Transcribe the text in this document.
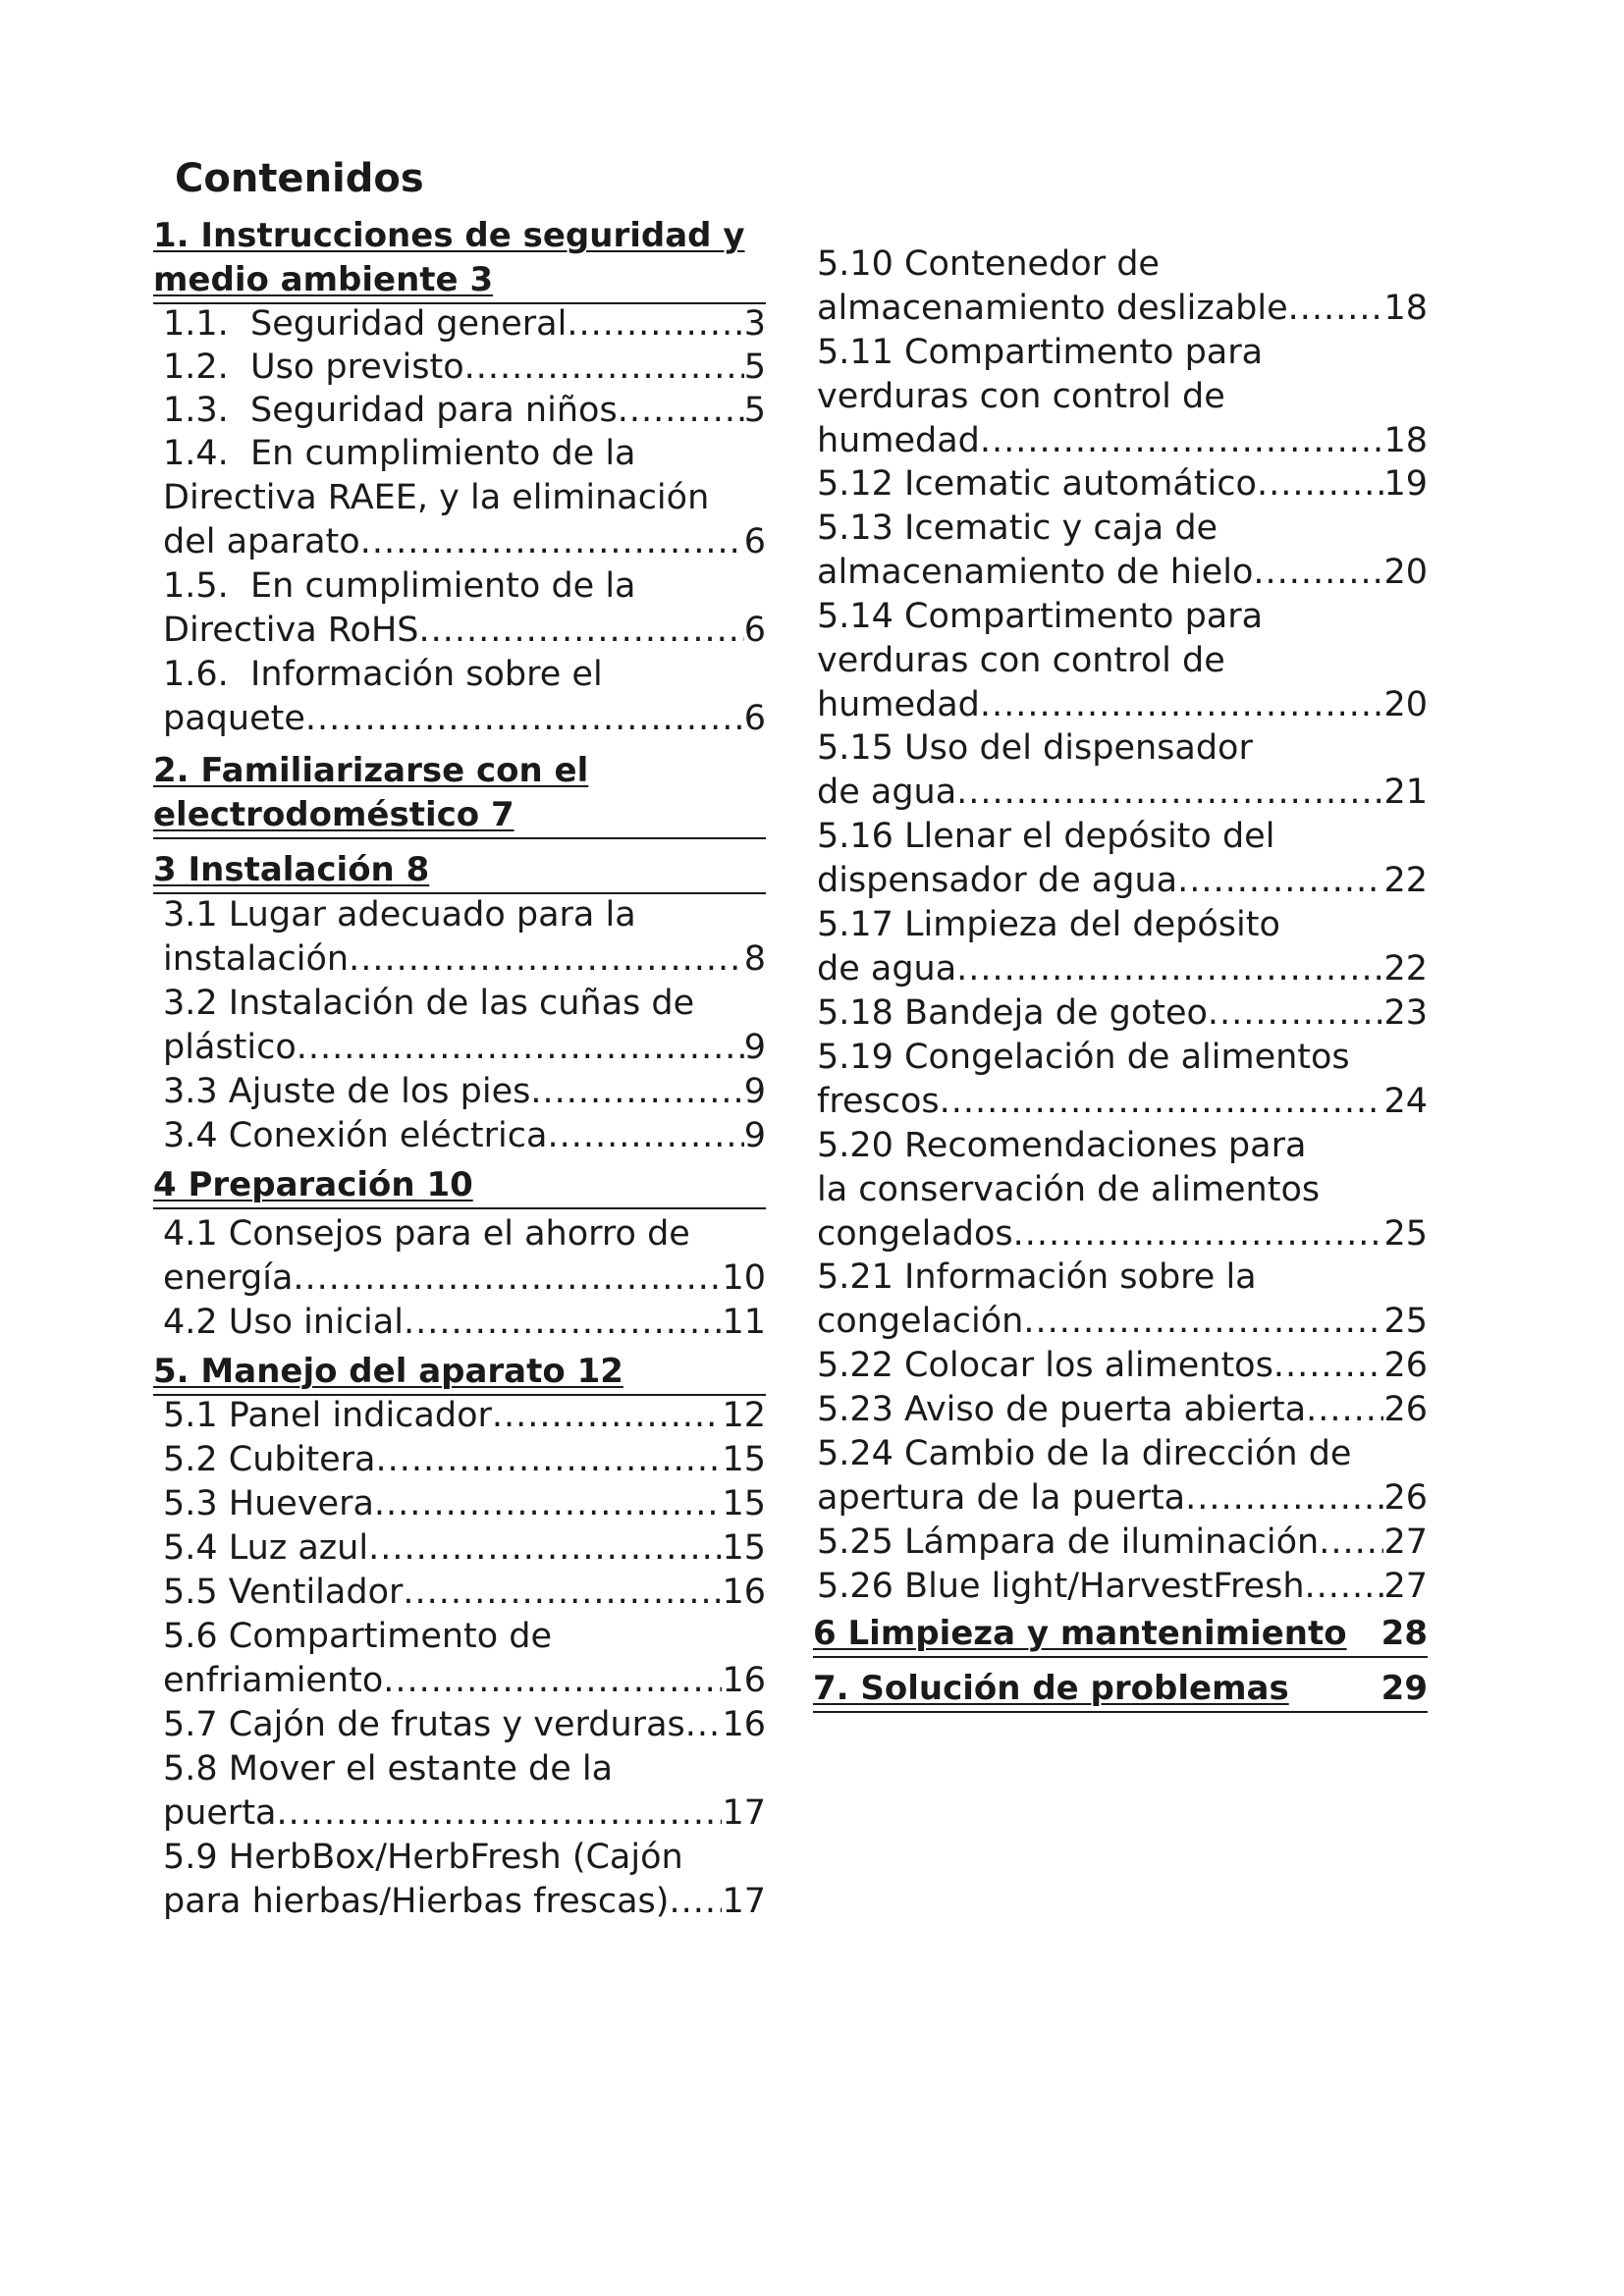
Contenidos
1. Instrucciones de seguridad y
medio ambiente 3
1.1.  Seguridad general .....	3
1.2.  Uso previsto .....	5
1.3.  Seguridad para niños .....	5
1.4.  En cumplimiento de la
Directiva RAEE, y la eliminación
del aparato .....	6
1.5.  En cumplimiento de la
Directiva RoHS .....	6
1.6.  Información sobre el
paquete .....	6
2. Familiarizarse con el
electrodoméstico 7
3 Instalación 8
3.1 Lugar adecuado para la
instalación .....	8
3.2 Instalación de las cuñas de
plástico .....	9
3.3 Ajuste de los pies .....	9
3.4 Conexión eléctrica .....	9
4 Preparación 10
4.1 Consejos para el ahorro de
energía .....	10
4.2 Uso inicial .....	11
5. Manejo del aparato 12
5.1 Panel indicador .....	12
5.2 Cubitera .....	15
5.3 Huevera .....	15
5.4 Luz azul .....	15
5.5 Ventilador .....	16
5.6 Compartimento de
enfriamiento .....	16
5.7 Cajón de frutas y verduras ..... 16
5.8 Mover el estante de la
puerta .....	17
5.9 HerbBox/HerbFresh (Cajón
para hierbas/Hierbas frescas) ..... 17
5.10 Contenedor de
almacenamiento deslizable .....	18
5.11 Compartimento para
verduras con control de
humedad .....	18
5.12 Icematic automático .....	19
5.13 Icematic y caja de
almacenamiento de hielo .....	20
5.14 Compartimento para
verduras con control de
humedad .....	20
5.15 Uso del dispensador
de agua .....	21
5.16 Llenar el depósito del
dispensador de agua .....	22
5.17 Limpieza del depósito
de agua .....	22
5.18 Bandeja de goteo .....	23
5.19 Congelación de alimentos
frescos .....	24
5.20 Recomendaciones para
la conservación de alimentos
congelados .....	25
5.21 Información sobre la
congelación .....	25
5.22 Colocar los alimentos .....	26
5.23 Aviso de puerta abierta ..... 26
5.24 Cambio de la dirección de
apertura de la puerta .....	26
5.25 Lámpara de iluminación ..... 27
5.26 Blue light/HarvestFresh ..... 27
6 Limpieza y mantenimiento 28
7. Solución de problemas	29
